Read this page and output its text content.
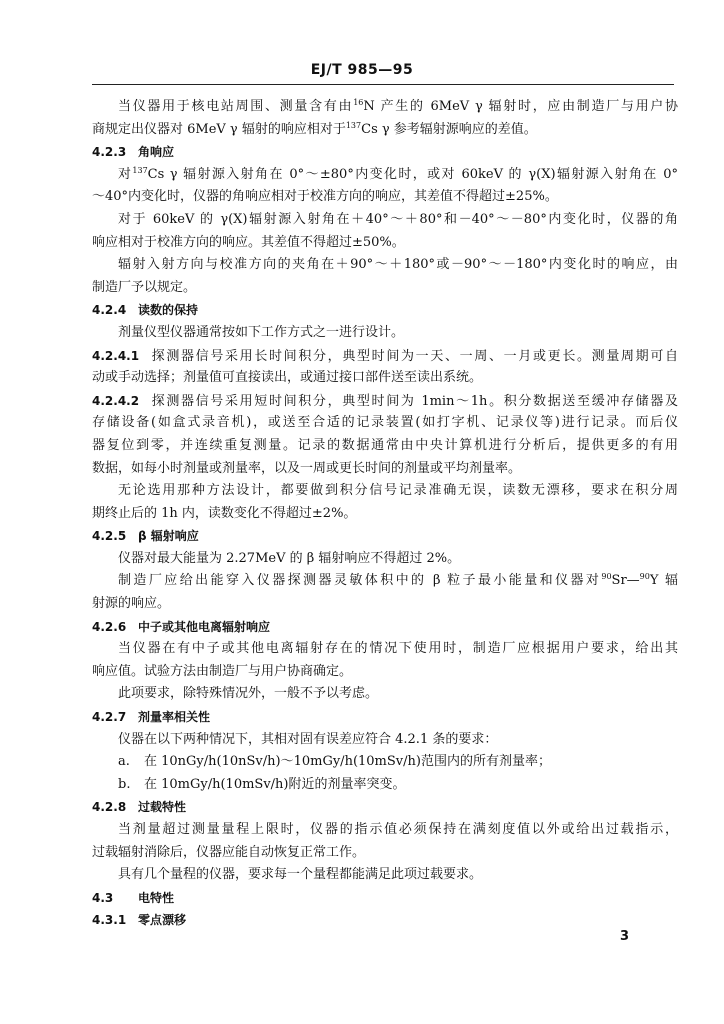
EJ/T 985—95
当仪器用于核电站周围、测量含有由$^{16}$N 产生的 6MeV γ 辐射时，应由制造厂与用户协
商规定出仪器对 6MeV γ 辐射的响应相对于$^{137}$Cs γ 参考辐射源响应的差值。
4.2.3 角响应
对$^{137}$Cs γ 辐射源入射角在 0°～±80°内变化时，或对 60keV 的 γ(X)辐射源入射角在 0°
～40°内变化时，仪器的角响应相对于校准方向的响应，其差值不得超过±25%。
对于 60keV 的 γ(X)辐射源入射角在＋40°～＋80°和－40°～－80°内变化时，仪器的角
响应相对于校准方向的响应。其差值不得超过±50%。
辐射入射方向与校准方向的夹角在＋90°～＋180°或－90°～－180°内变化时的响应，由
制造厂予以规定。
4.2.4 读数的保持
剂量仪型仪器通常按如下工作方式之一进行设计。
4.2.4.1 探测器信号采用长时间积分，典型时间为一天、一周、一月或更长。测量周期可自
动或手动选择；剂量值可直接读出，或通过接口部件送至读出系统。
4.2.4.2 探测器信号采用短时间积分，典型时间为 1min～1h。积分数据送至缓冲存储器及
存储设备(如盒式录音机)，或送至合适的记录装置(如打字机、记录仪等)进行记录。而后仪
器复位到零，并连续重复测量。记录的数据通常由中央计算机进行分析后，提供更多的有用
数据，如每小时剂量或剂量率，以及一周或更长时间的剂量或平均剂量率。
无论选用那种方法设计，都要做到积分信号记录准确无误，读数无漂移，要求在积分周
期终止后的 1h 内，读数变化不得超过±2%。
4.2.5 β 辐射响应
仪器对最大能量为 2.27MeV 的 β 辐射响应不得超过 2%。
制造厂应给出能穿入仪器探测器灵敏体积中的 β 粒子最小能量和仪器对$^{90}$Sr—$^{90}$Y 辐
射源的响应。
4.2.6 中子或其他电离辐射响应
当仪器在有中子或其他电离辐射存在的情况下使用时，制造厂应根据用户要求，给出其
响应值。试验方法由制造厂与用户协商确定。
此项要求，除特殊情况外，一般不予以考虑。
4.2.7 剂量率相关性
仪器在以下两种情况下，其相对固有误差应符合 4.2.1 条的要求：
a. 在 10nGy/h(10nSv/h)～10mGy/h(10mSv/h)范围内的所有剂量率；
b. 在 10mGy/h(10mSv/h)附近的剂量率突变。
4.2.8 过载特性
当剂量超过测量量程上限时，仪器的指示值必须保持在满刻度值以外或给出过载指示，
过载辐射消除后，仪器应能自动恢复正常工作。
具有几个量程的仪器，要求每一个量程都能满足此项过载要求。
4.3 电特性
4.3.1 零点漂移
3
